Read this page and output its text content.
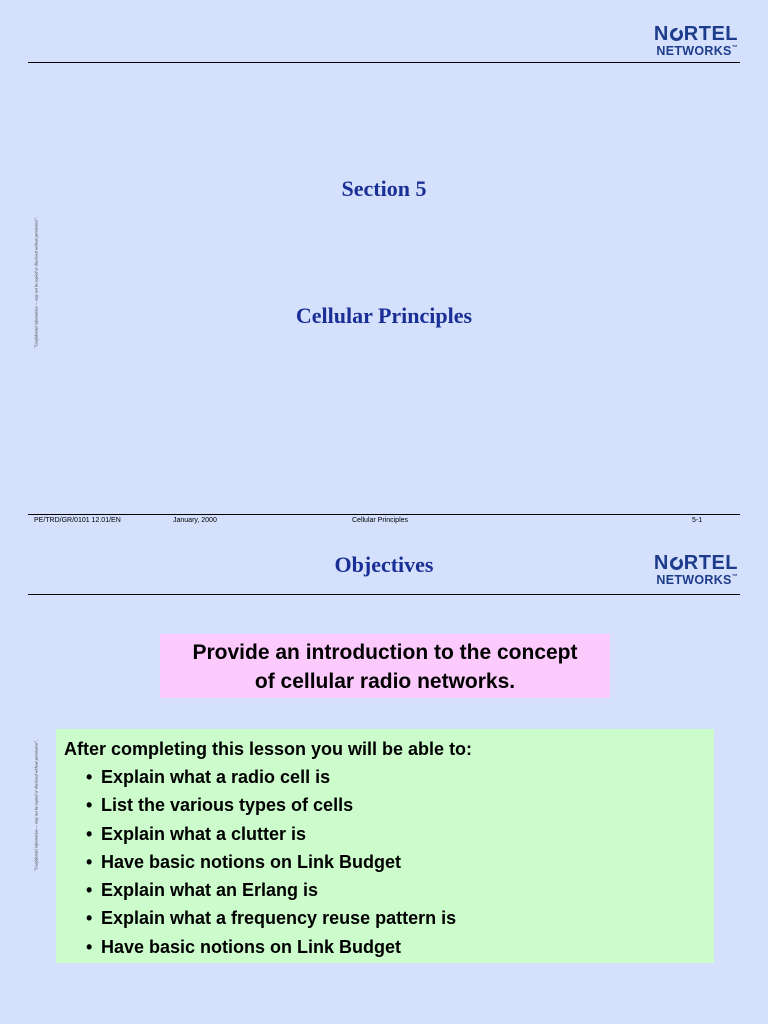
N RTEL
NETWORKS™
"Confidential information — may not be copied or disclosed without permission".
Section 5
Cellular Principles
PE/TRD/GR/0101 12.01/EN	January, 2000	Cellular Principles	5-1
Objectives	N RTEL
NETWORKS™
"Confidential information — may not be copied or disclosed without permission".
Provide an introduction to the concept
of cellular radio networks.
After completing this lesson you will be able to:
• Explain what a radio cell is
• List the various types of cells
• Explain what a clutter is
• Have basic notions on Link Budget
• Explain what an Erlang is
• Explain what a frequency reuse pattern is
• Have basic notions on Link Budget
